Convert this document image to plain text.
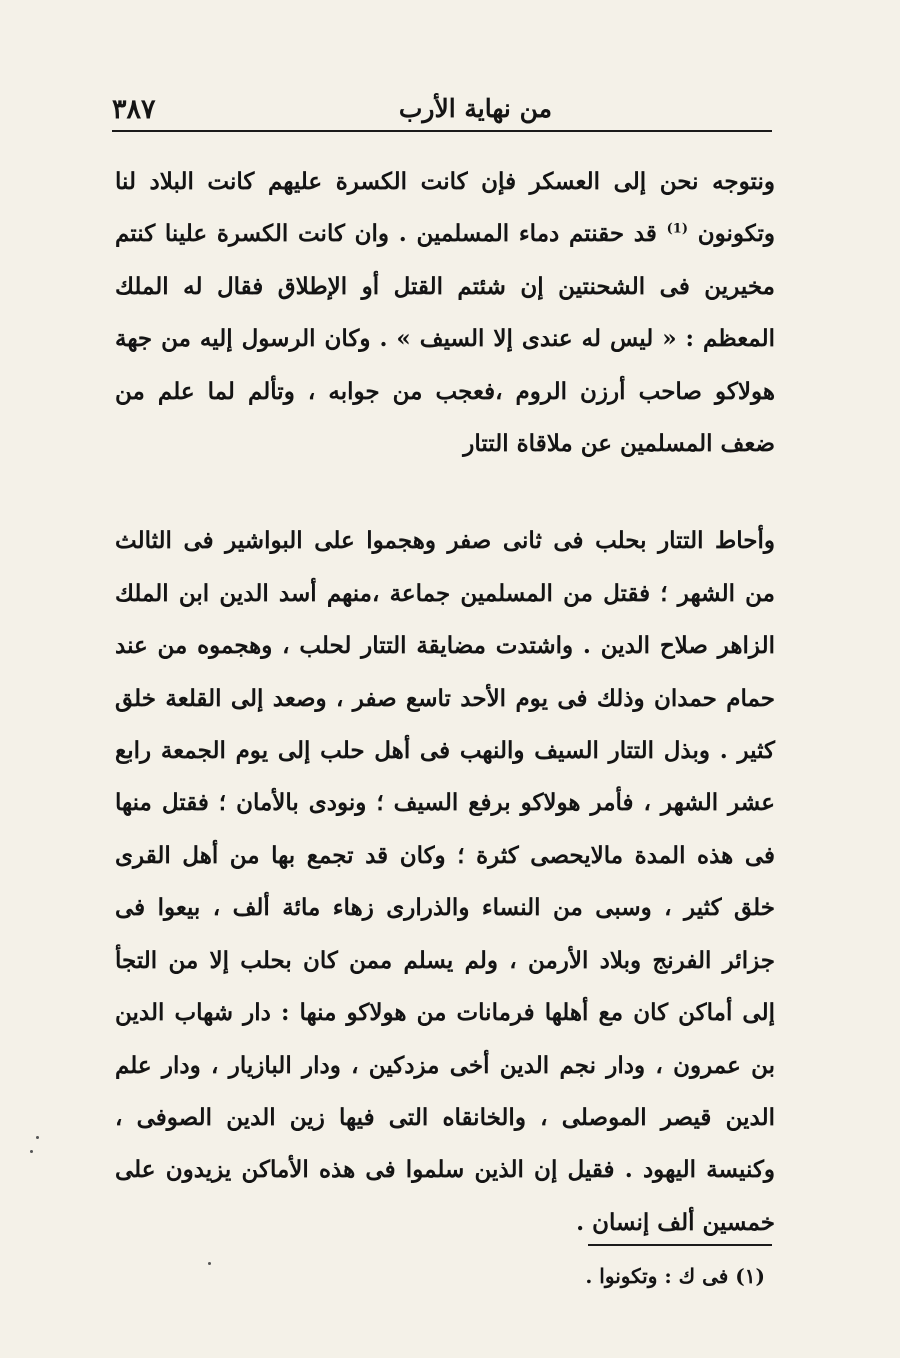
من نهاية الأرب
٣٨٧

ونتوجه نحن إلى العسكر فإن كانت الكسرة عليهم كانت البلاد لنا وتكونون $^{(1)}$ قد حقنتم دماء المسلمين . وان كانت الكسرة علينا كنتم مخيرين فى الشحنتين إن شئتم القتل أو الإطلاق فقال له الملك المعظم : « ليس له عندى إلا السيف » . وكان الرسول إليه من جهة هولاكو صاحب أرزن الروم ،فعجب من جوابه ، وتألم لما علم من ضعف المسلمين عن ملاقاة التتار

وأحاط التتار بحلب فى ثانى صفر وهجموا على البواشير فى الثالث من الشهر ؛ فقتل من المسلمين جماعة ،منهم أسد الدين ابن الملك الزاهر صلاح الدين . واشتدت مضايقة التتار لحلب ، وهجموه من عند حمام حمدان وذلك فى يوم الأحد تاسع صفر ، وصعد إلى القلعة خلق كثير . وبذل التتار السيف والنهب فى أهل حلب إلى يوم الجمعة رابع عشر الشهر ، فأمر هولاكو برفع السيف ؛ ونودى بالأمان ؛ فقتل منها فى هذه المدة مالايحصى كثرة ؛ وكان قد تجمع بها من أهل القرى خلق كثير ، وسبى من النساء والذرارى زهاء مائة ألف ، بيعوا فى جزائر الفرنج وبلاد الأرمن ، ولم يسلم ممن كان بحلب إلا من التجأ إلى أماكن كان مع أهلها فرمانات من هولاكو منها : دار شهاب الدين بن عمرون ، ودار نجم الدين أخى مزدكين ، ودار البازيار ، ودار علم الدين قيصر الموصلى ، والخانقاه التى فيها زين الدين الصوفى ، وكنيسة اليهود . فقيل إن الذين سلموا فى هذه الأماكن يزيدون على خمسين ألف إنسان .

(١) فى ك : وتكونوا .
